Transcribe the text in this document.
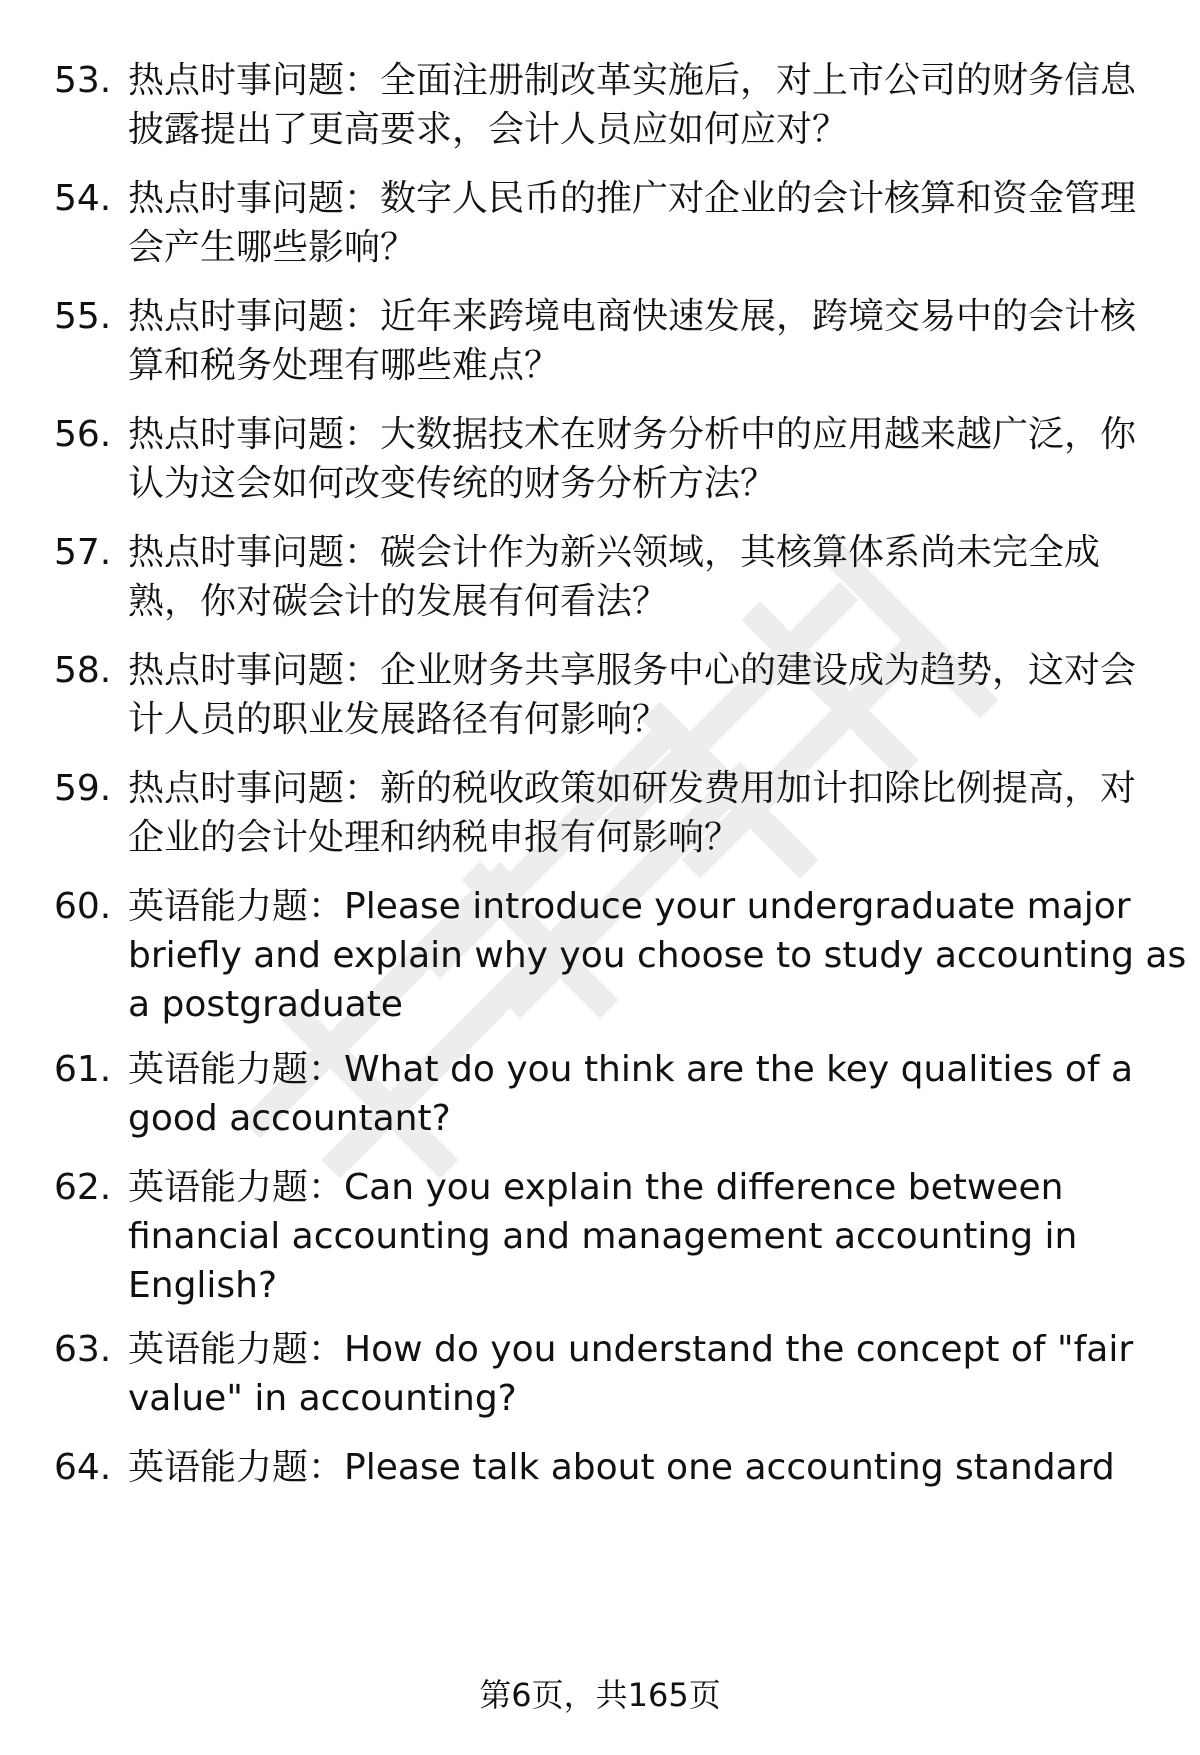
53. 热点时事问题：全面注册制改革实施后，对上市公司的财务信息
披露提出了更高要求，会计人员应如何应对？
54. 热点时事问题：数字人民币的推广对企业的会计核算和资金管理
会产生哪些影响？
55. 热点时事问题：近年来跨境电商快速发展，跨境交易中的会计核
算和税务处理有哪些难点？
56. 热点时事问题：大数据技术在财务分析中的应用越来越广泛，你
认为这会如何改变传统的财务分析方法？
57. 热点时事问题：碳会计作为新兴领域，其核算体系尚未完全成
熟，你对碳会计的发展有何看法？
58. 热点时事问题：企业财务共享服务中心的建设成为趋势，这对会
计人员的职业发展路径有何影响？
59. 热点时事问题：新的税收政策如研发费用加计扣除比例提高，对
企业的会计处理和纳税申报有何影响？
60. 英语能力题：Please introduce your undergraduate major
briefly and explain why you choose to study accounting as
a postgraduate
61. 英语能力题：What do you think are the key qualities of a
good accountant?
62. 英语能力题：Can you explain the difference between
financial accounting and management accounting in
English?
63. 英语能力题：How do you understand the concept of "fair
value" in accounting?
64. 英语能力题：Please talk about one accounting standard
第6页，共165页
